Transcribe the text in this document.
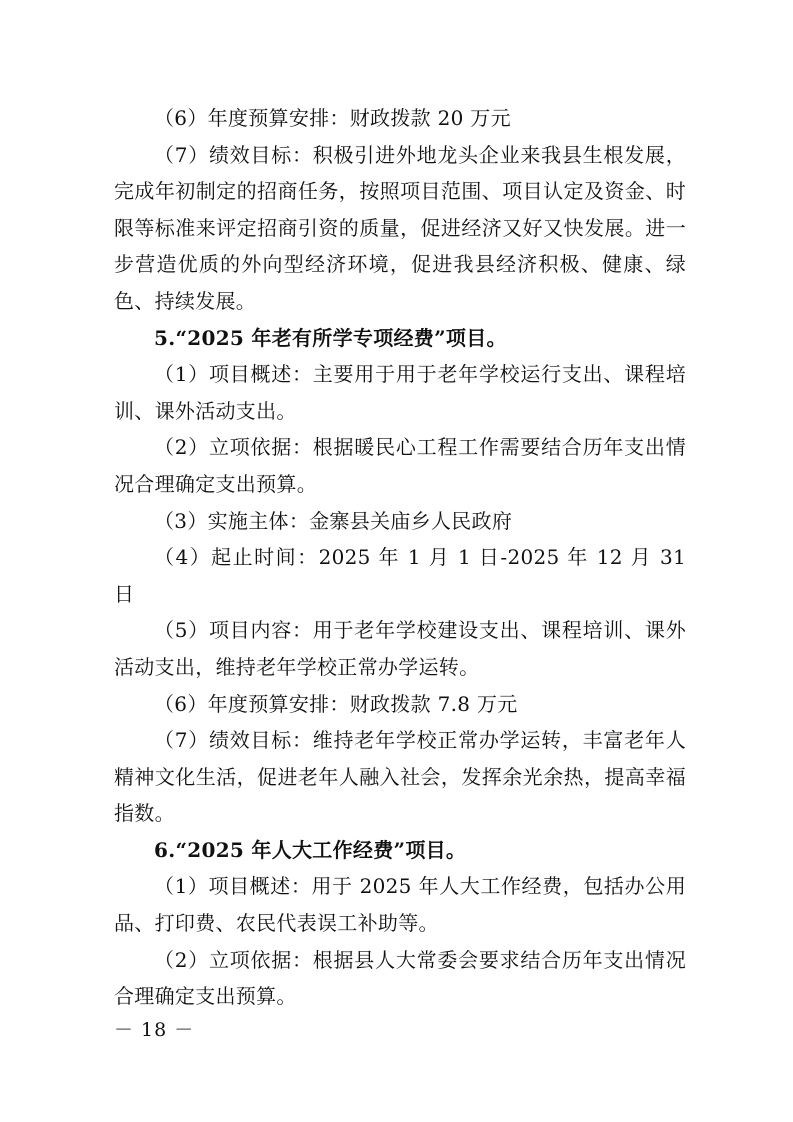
（6）年度预算安排：财政拨款 20 万元

（7）绩效目标：积极引进外地龙头企业来我县生根发展，完成年初制定的招商任务，按照项目范围、项目认定及资金、时限等标准来评定招商引资的质量，促进经济又好又快发展。进一步营造优质的外向型经济环境，促进我县经济积极、健康、绿色、持续发展。

5.“2025 年老有所学专项经费”项目。

（1）项目概述：主要用于用于老年学校运行支出、课程培训、课外活动支出。

（2）立项依据：根据暖民心工程工作需要结合历年支出情况合理确定支出预算。

（3）实施主体：金寨县关庙乡人民政府

（4）起止时间：2025 年 1 月 1 日-2025 年 12 月 31 日

（5）项目内容：用于老年学校建设支出、课程培训、课外活动支出，维持老年学校正常办学运转。

（6）年度预算安排：财政拨款 7.8 万元

（7）绩效目标：维持老年学校正常办学运转，丰富老年人精神文化生活，促进老年人融入社会，发挥余光余热，提高幸福指数。

6.“2025 年人大工作经费”项目。

（1）项目概述：用于 2025 年人大工作经费，包括办公用品、打印费、农民代表误工补助等。

（2）立项依据：根据县人大常委会要求结合历年支出情况合理确定支出预算。

－ 18 －
